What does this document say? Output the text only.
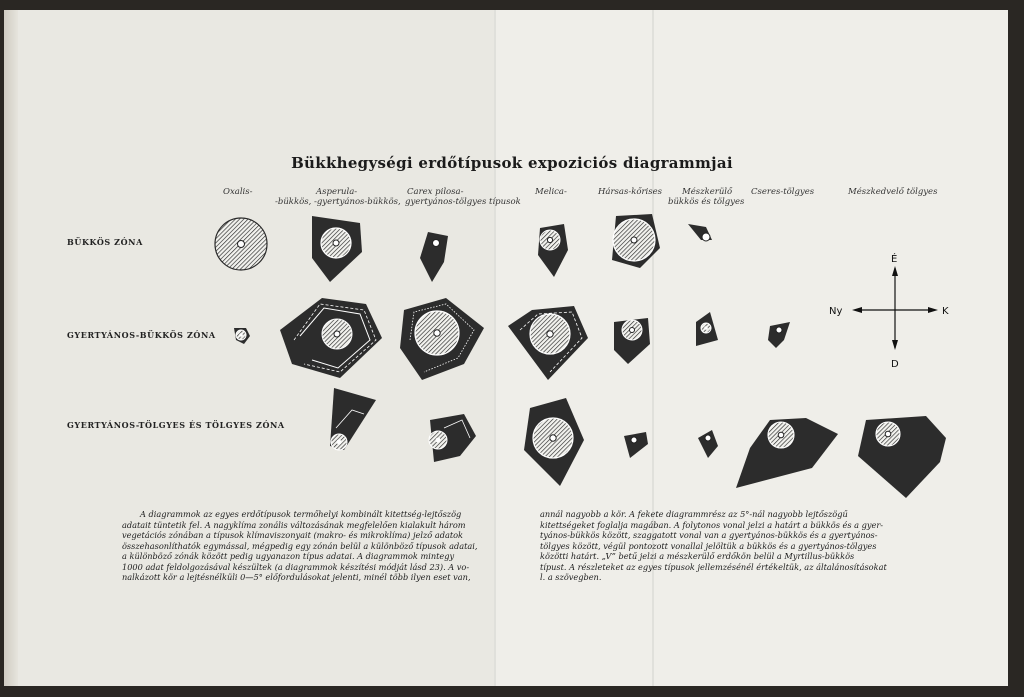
Bükkhegységi erdőtípusok expoziciós diagrammjai
Oxalis-	Asperula-
-bükkös, -gyertyános-bükkös,
Carex pilosa-
gyertyános-tölgyes típusok
Melica-	Hársas-kőrises Mészkerülő
bükkös és tölgyes
Cseres-tölgyes	Mészkedvelő tölgyes
BÜKKÖS ZÓNA
GYERTYÁNOS-BÜKKÖS ZÓNA
GYERTYÁNOS-TÖLGYES ÉS TÖLGYES ZÓNA
É
Ny	K
D
A diagrammok az egyes erdőtípusok termőhelyi kombinált kitettség-lejtőszög
adatait tüntetik fel. A nagyklíma zonális változásának megfelelően kialakult három
vegetációs zónában a típusok klímaviszonyait (makro- és mikroklíma) jelző adatok
összehasonlíthatók egymással, mégpedig egy zónán belül a különböző típusok adatai,
a különböző zónák között pedig ugyanazon típus adatai. A diagrammok mintegy
1000 adat feldolgozásával készültek (a diagrammok készítési módját lásd 23). A vo-
nalkázott kör a lejtésnélküli 0—5° előfordulásokat jelenti, minél több ilyen eset van,
annál nagyobb a kör. A fekete diagrammrész az 5°-nál nagyobb lejtőszögű
kitettségeket foglalja magában. A folytonos vonal jelzi a határt a bükkös és a gyer-
tyános-bükkös között, szaggatott vonal van a gyertyános-bükkös és a gyertyános-
tölgyes között, végül pontozott vonallal jelöltük a bükkös és a gyertyános-tölgyes
közötti határt. „V” betű jelzi a mészkerülő erdőkön belül a Myrtillus-bükkös
típust. A részleteket az egyes típusok jellemzésénél értékeltük, az általánosításokat
l. a szövegben.
